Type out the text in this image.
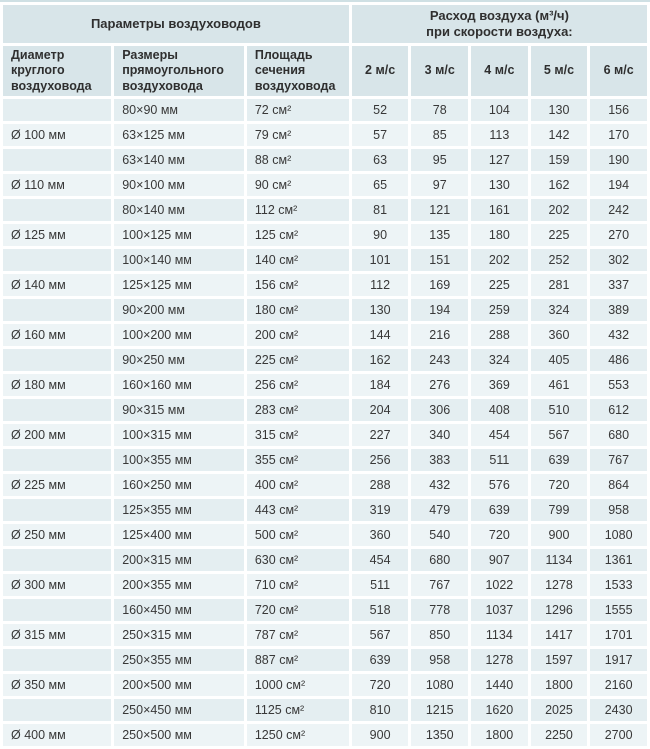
Параметры воздуховодов			Расход воздуха (м³/ч)
при скорости воздуха:				

Диаметр круглого воздуховода	Размеры прямоугольного воздуховода	Площадь сечения воздуховода	2 м/с	3 м/с	4 м/с	5 м/с	6 м/с
	80×90 мм	72 см²	52	78	104	130	156
Ø 100 мм	63×125 мм	79 см²	57	85	113	142	170
	63×140 мм	88 см²	63	95	127	159	190
Ø 110 мм	90×100 мм	90 см²	65	97	130	162	194
	80×140 мм	112 см²	81	121	161	202	242
Ø 125 мм	100×125 мм	125 см²	90	135	180	225	270
	100×140 мм	140 см²	101	151	202	252	302
Ø 140 мм	125×125 мм	156 см²	112	169	225	281	337
	90×200 мм	180 см²	130	194	259	324	389
Ø 160 мм	100×200 мм	200 см²	144	216	288	360	432
	90×250 мм	225 см²	162	243	324	405	486
Ø 180 мм	160×160 мм	256 см²	184	276	369	461	553
	90×315 мм	283 см²	204	306	408	510	612
Ø 200 мм	100×315 мм	315 см²	227	340	454	567	680
	100×355 мм	355 см²	256	383	511	639	767
Ø 225 мм	160×250 мм	400 см²	288	432	576	720	864
	125×355 мм	443 см²	319	479	639	799	958
Ø 250 мм	125×400 мм	500 см²	360	540	720	900	1080
	200×315 мм	630 см²	454	680	907	1134	1361
Ø 300 мм	200×355 мм	710 см²	511	767	1022	1278	1533
	160×450 мм	720 см²	518	778	1037	1296	1555
Ø 315 мм	250×315 мм	787 см²	567	850	1134	1417	1701
	250×355 мм	887 см²	639	958	1278	1597	1917
Ø 350 мм	200×500 мм	1000 см²	720	1080	1440	1800	2160
	250×450 мм	1125 см²	810	1215	1620	2025	2430
Ø 400 мм	250×500 мм	1250 см²	900	1350	1800	2250	2700
